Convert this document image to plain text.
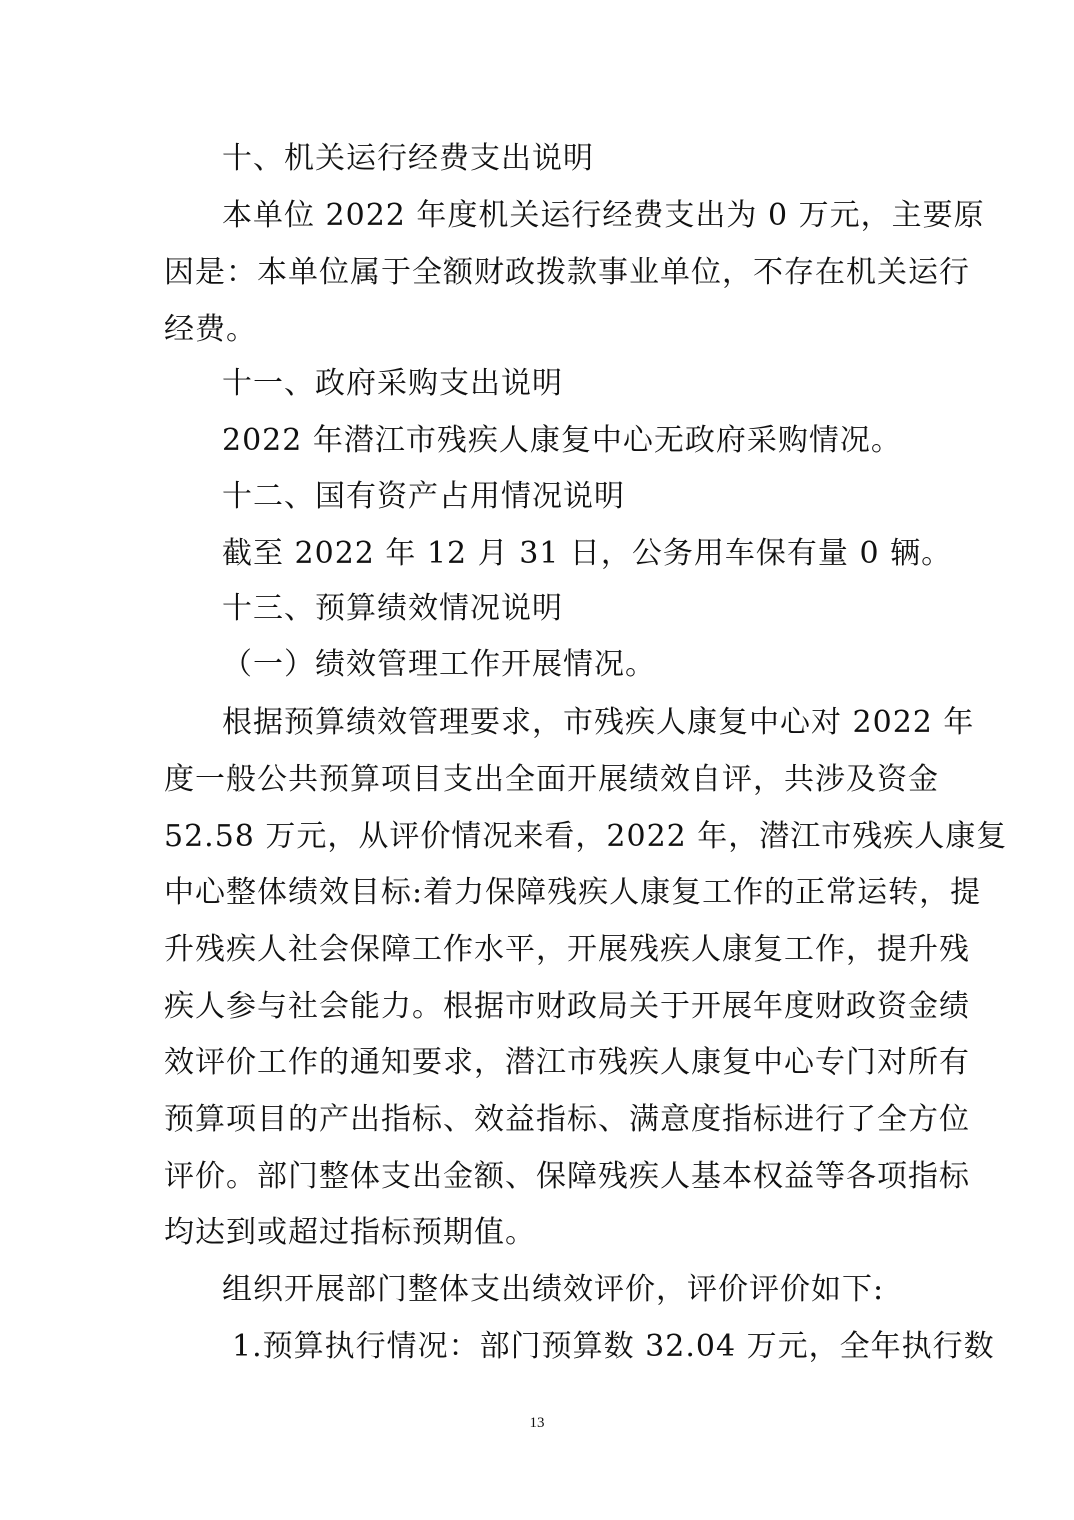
十、机关运行经费支出说明
本单位 2022 年度机关运行经费支出为 0 万元，主要原
因是：本单位属于全额财政拨款事业单位，不存在机关运行
经费。
十一、政府采购支出说明
2022 年潜江市残疾人康复中心无政府采购情况。
十二、国有资产占用情况说明
截至 2022 年 12 月 31 日，公务用车保有量 0 辆。
十三、预算绩效情况说明
（一）绩效管理工作开展情况。
根据预算绩效管理要求，市残疾人康复中心对 2022 年
度一般公共预算项目支出全面开展绩效自评，共涉及资金
52.58 万元，从评价情况来看，2022 年，潜江市残疾人康复
中心整体绩效目标:着力保障残疾人康复工作的正常运转，提
升残疾人社会保障工作水平，开展残疾人康复工作，提升残
疾人参与社会能力。根据市财政局关于开展年度财政资金绩
效评价工作的通知要求，潜江市残疾人康复中心专门对所有
预算项目的产出指标、效益指标、满意度指标进行了全方位
评价。部门整体支出金额、保障残疾人基本权益等各项指标
均达到或超过指标预期值。
组织开展部门整体支出绩效评价，评价评价如下:
1.预算执行情况：部门预算数 32.04 万元，全年执行数
13
